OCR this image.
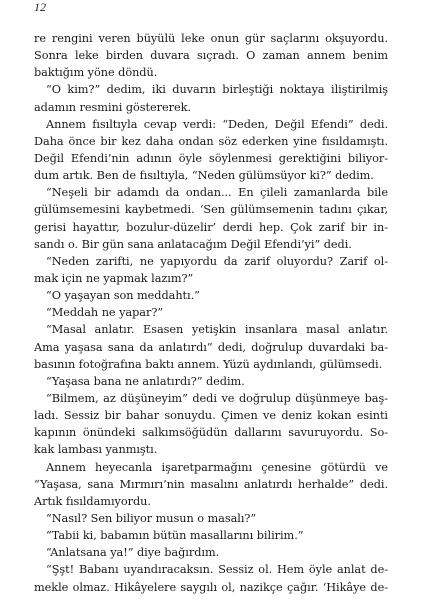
12
re rengini veren büyülü leke onun gür saçlarını okşuyordu.
Sonra leke birden duvara sıçradı. O zaman annem benim
baktığım yöne döndü.
“O kim?” dedim, iki duvarın birleştiği noktaya iliştirilmiş
adamın resmini göstererek.
Annem fısıltıyla cevap verdi: “Deden, Değil Efendi” dedi.
Daha önce bir kez daha ondan söz ederken yine fısıldamıştı.
Değil Efendi’nin adının öyle söylenmesi gerektiğini biliyor-
dum artık. Ben de fısıltıyla, “Neden gülümsüyor ki?” dedim.
“Neşeli bir adamdı da ondan... En çileli zamanlarda bile
gülümsemesini kaybetmedi. ‘Sen gülümsemenin tadını çıkar,
gerisi hayattır, bozulur-düzelir’ derdi hep. Çok zarif bir in-
sandı o. Bir gün sana anlatacağım Değil Efendi’yi” dedi.
“Neden zarifti, ne yapıyordu da zarif oluyordu? Zarif ol-
mak için ne yapmak lazım?”
“O yaşayan son meddahtı.”
“Meddah ne yapar?”
“Masal anlatır. Esasen yetişkin insanlara masal anlatır.
Ama yaşasa sana da anlatırdı” dedi, doğrulup duvardaki ba-
basının fotoğrafına baktı annem. Yüzü aydınlandı, gülümsedi.
“Yaşasa bana ne anlatırdı?” dedim.
“Bilmem, az düşüneyim” dedi ve doğrulup düşünmeye baş-
ladı. Sessiz bir bahar sonuydu. Çimen ve deniz kokan esinti
kapının önündeki salkımsöğüdün dallarını savuruyordu. So-
kak lambası yanmıştı.
Annem heyecanla işaretparmağını çenesine götürdü ve
“Yaşasa, sana Mırmırı’nin masalını anlatırdı herhalde” dedi.
Artık fısıldamıyordu.
“Nasıl? Sen biliyor musun o masalı?”
“Tabii ki, babamın bütün masallarını bilirim.”
“Anlatsana ya!” diye bağırdım.
“Şşt! Babanı uyandıracaksın. Sessiz ol. Hem öyle anlat de-
mekle olmaz. Hikâyelere saygılı ol, nazikçe çağır. ‘Hikâye de-
